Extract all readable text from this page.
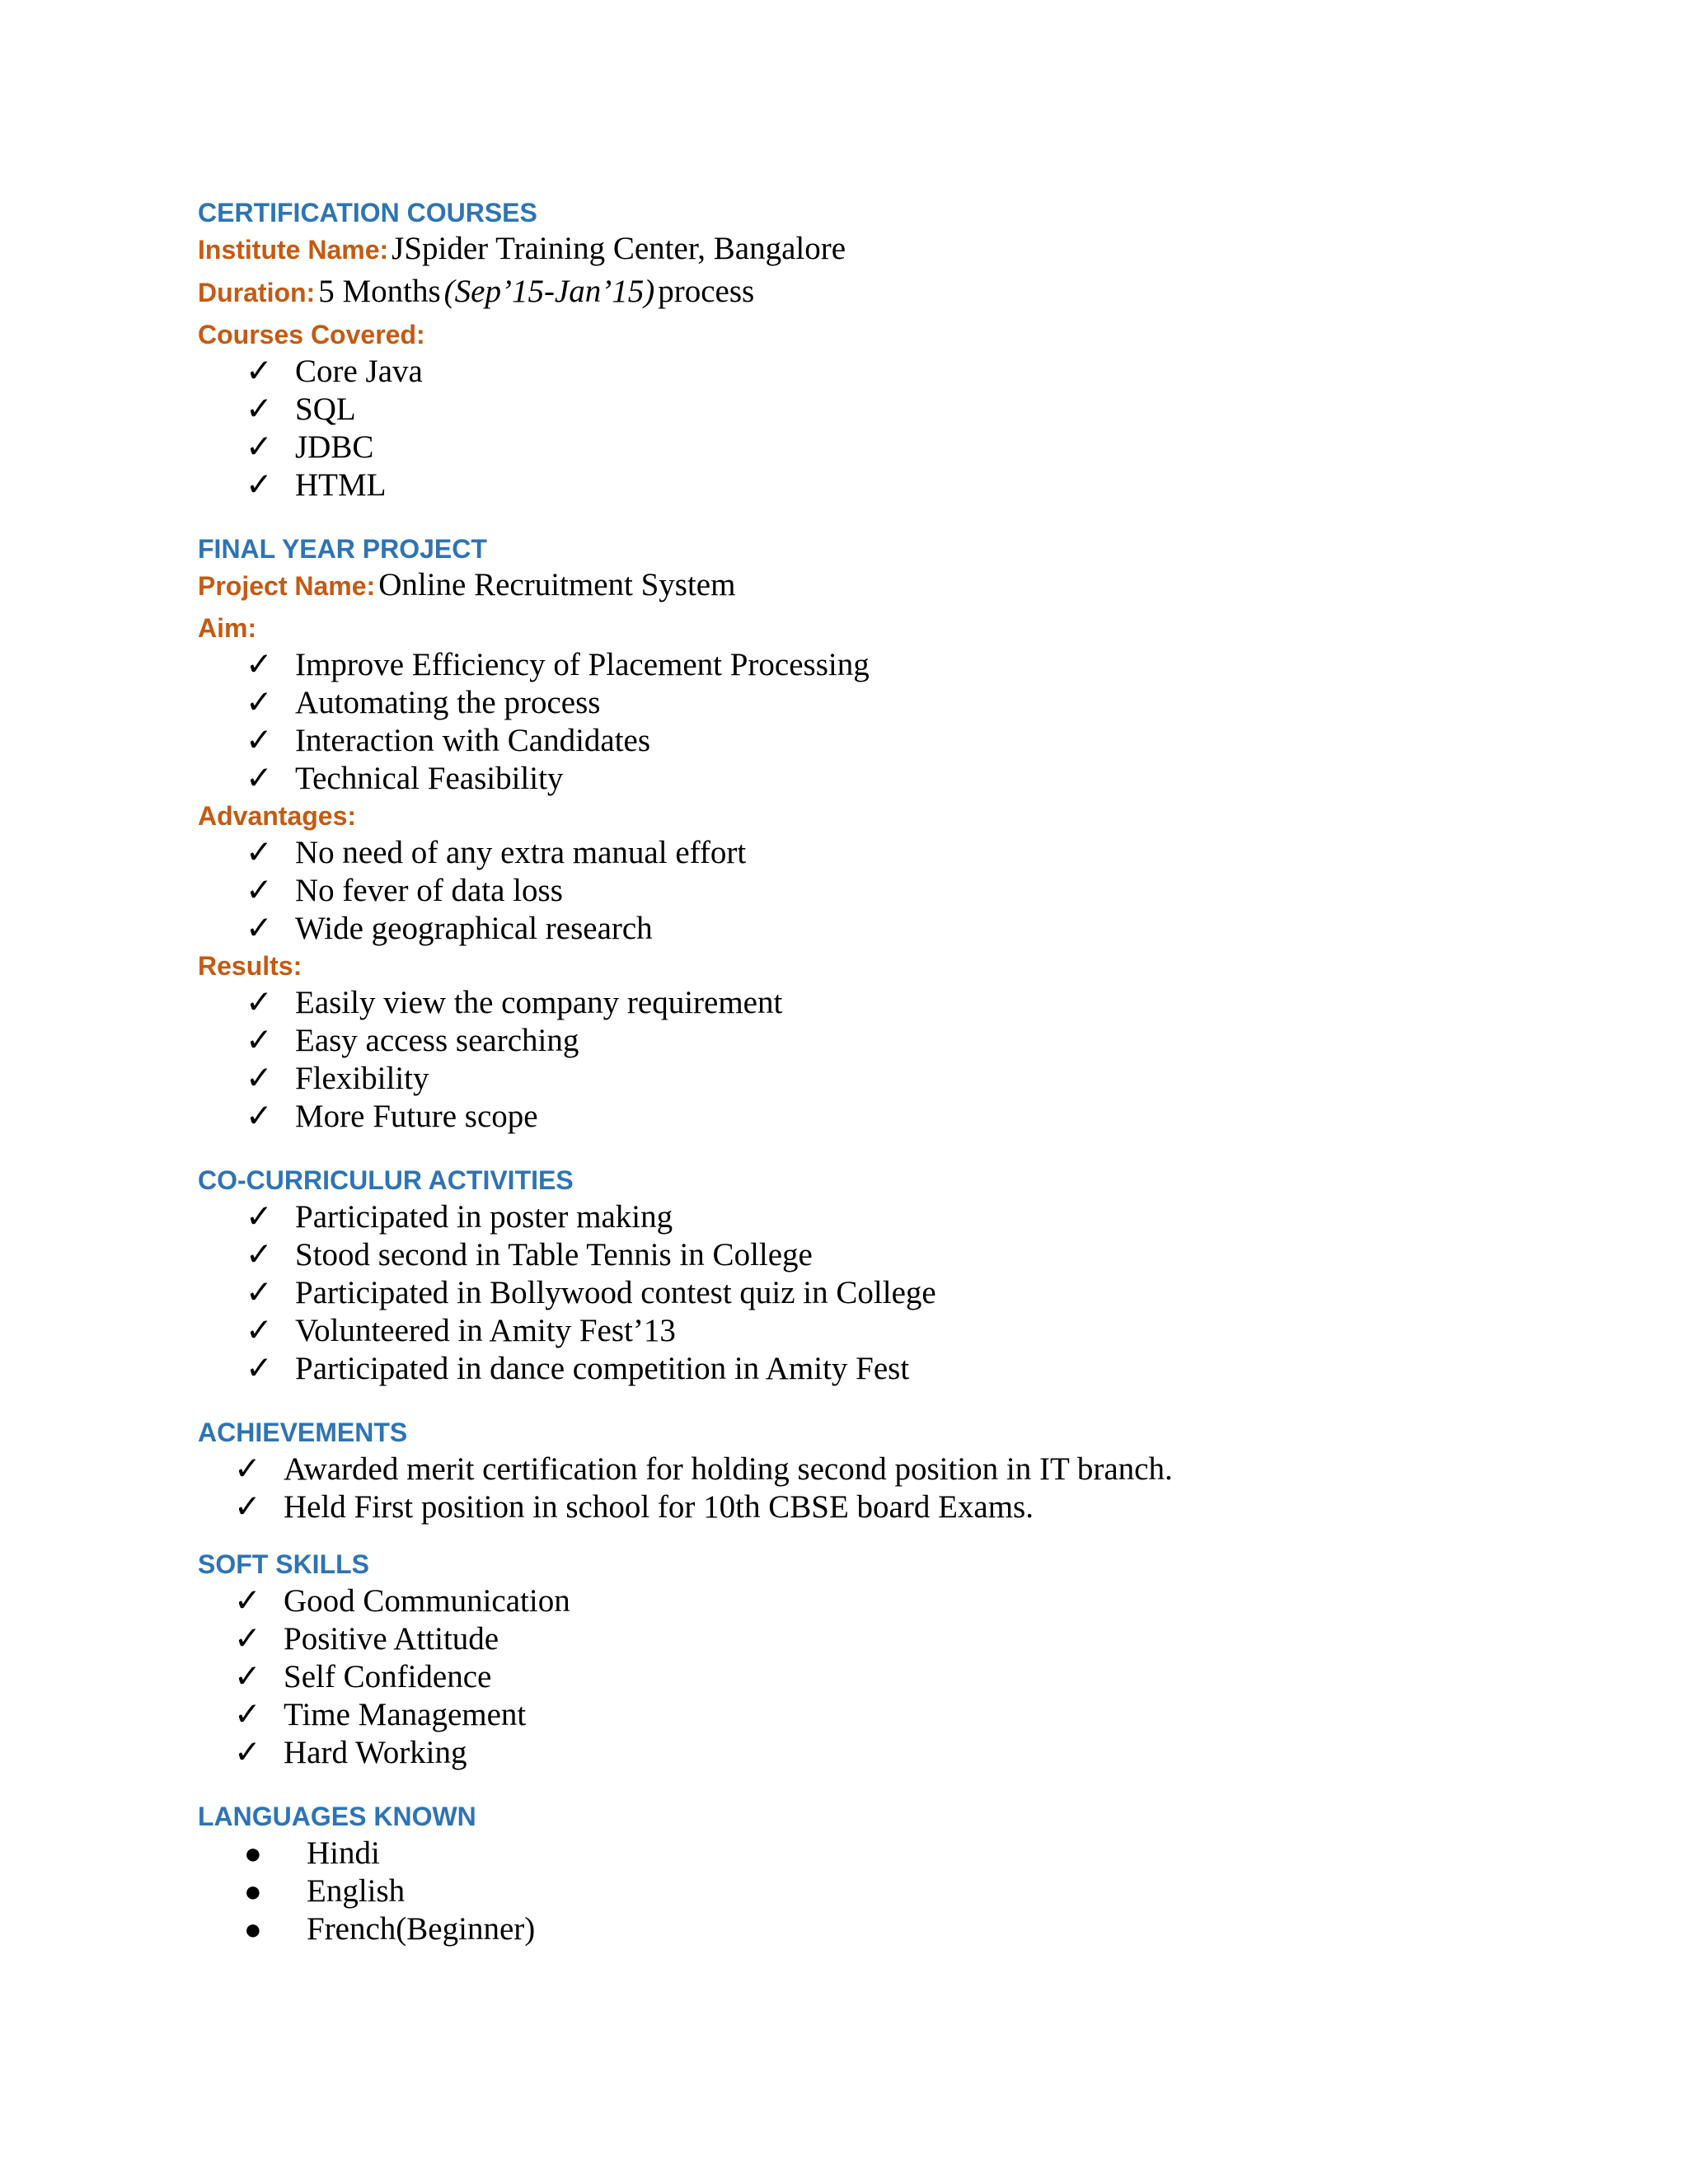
CERTIFICATION COURSES

Institute Name: JSpider Training Center, Bangalore

Duration: 5 Months (Sep’15-Jan’15) process

Courses Covered:
✓ Core Java
✓ SQL
✓ JDBC
✓ HTML
FINAL YEAR PROJECT

Project Name: Online Recruitment System

Aim:
✓ Improve Efficiency of Placement Processing
✓ Automating the process
✓ Interaction with Candidates
✓ Technical Feasibility
Advantages:
✓ No need of any extra manual effort
✓ No fever of data loss
✓ Wide geographical research
Results:
✓ Easily view the company requirement
✓ Easy access searching
✓ Flexibility
✓ More Future scope
CO-CURRICULUR ACTIVITIES
✓ Participated in poster making
✓ Stood second in Table Tennis in College
✓ Participated in Bollywood contest quiz in College
✓ Volunteered in Amity Fest’13
✓ Participated in dance competition in Amity Fest
ACHIEVEMENTS
✓ Awarded merit certification for holding second position in IT branch.
✓ Held First position in school for 10th CBSE board Exams.
SOFT SKILLS
✓ Good Communication
✓ Positive Attitude
✓ Self Confidence
✓ Time Management
✓ Hard Working
LANGUAGES KNOWN
● Hindi
● English
● French(Beginner)
